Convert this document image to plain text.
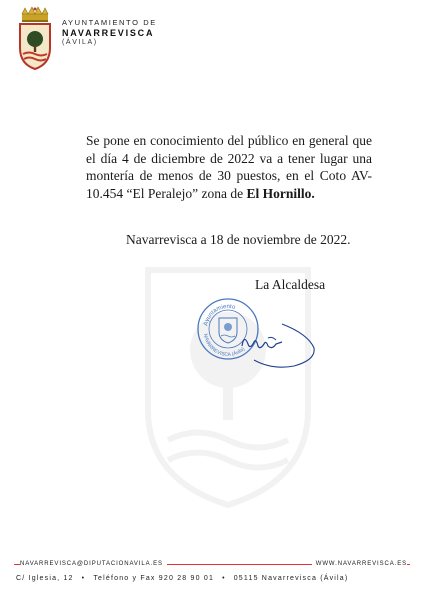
AYUNTAMIENTO DE
NAVARREVISCA
(ÁVILA)
Se pone en conocimiento del público en general que el día 4 de diciembre de 2022 va a tener lugar una montería de menos de 30 puestos, en el Coto AV-10.454 “El Peralejo” zona de El Hornillo.
Navarrevisca a 18 de noviembre de 2022.
La Alcaldesa
Ayuntamiento
NAVARREVISCA (Ávila)
NAVARREVISCA@DIPUTACIONAVILA.ES	WWW.NAVARREVISCA.ES
C/ Iglesia, 12 • Teléfono y Fax 920 28 90 01 • 05115 Navarrevisca (Ávila)
